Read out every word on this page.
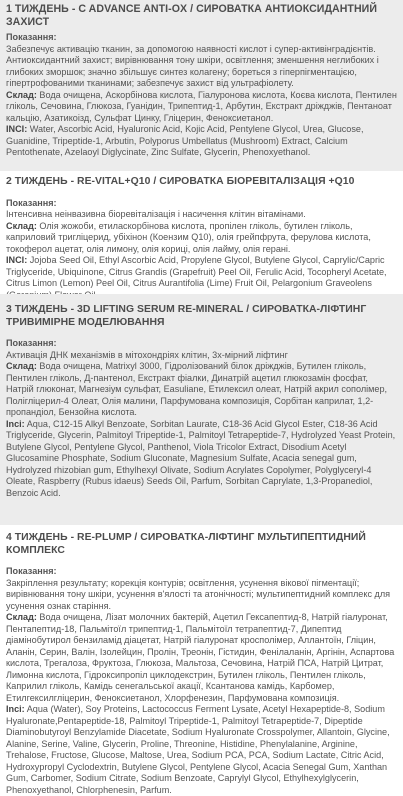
1 ТИЖДЕНЬ - C ADVANCE ANTI-OX / СИРОВАТКА АНТИОКСИДАНТНИЙ ЗАХИСТ
Показання:
Забезпечує активацію тканин, за допомогою наявності кислот і супер-активінградієнтів. Антиоксидантний захист; вирівнювання тону шкіри, освітлення; зменшення неглибоких і глибоких зморшок; значно збільшує синтез колагену; бореться з гіперпігментацією, гіпертрофованими тканинами; забезпечує захист від ультрафіолету.
Склад: Вода очищена, Аскорбінова кислота, Гіалуронова кислота, Коєва кислота, Пентилен гліколь, Сечовина, Глюкоза, Гуанідин, Трипептид-1, Арбутин, Екстракт дріжджів, Пентаноат кальцію, Азатикоізд, Сульфат Цинку, Гліцерин, Феноксиетанол.
INCI: Water, Ascorbic Acid, Hyaluronic Acid, Kojic Acid, Pentylene Glycol, Urea, Glucose, Guanidine, Tripeptide-1, Arbutin, Polyporus Umbellatus (Mushroom) Extract, Calcium Pentothenate, Azelaoyl Diglycinate, Zinc Sulfate, Glycerin, Phenoxyethanol.
2 ТИЖДЕНЬ - RE-VITAL+Q10 / СИРОВАТКА БІОРЕВІТАЛІЗАЦІЯ +Q10
Показання:
Інтенсивна неінвазивна біоревіталізація і насичення клітин вітамінами.
Склад: Олія жожоби, етиласкорбінова кислота, пропілен гліколь, бутилен гліколь, каприловий тригліцерид, убіхінон (Коензим Q10), олія грейпфрута, ферулова кислота, токоферол ацетат, олія лимону, олія кориці, олія лайму, олія герані.
INCI: Jojoba Seed Oil, Ethyl Ascorbic Acid, Propylene Glycol, Butylene Glycol, Caprylic/Capric Triglyceride, Ubiquinone, Citrus Grandis (Grapefruit) Peel Oil, Ferulic Acid, Tocopheryl Acetate, Citrus Limon (Lemon) Peel Oil, Citrus Aurantifolia (Lime) Fruit Oil, Pelargonium Graveolens
3 ТИЖДЕНЬ - 3D LIFTING SERUM RE-MINERAL / СИРОВАТКА-ЛІФТИНГ ТРИВИМІРНЕ МОДЕЛЮВАННЯ
Показання:
Активація ДНК механізмів в мітохондріях клітин, 3х-мірний ліфтинг
Склад: Вода очищена, Matrixyl 3000, Гідролізований білок дріжджів, Бутилен гліколь, Пентилен гліколь, Д-пантенол, Екстракт фіалки, Динатрій ацетил глюкозамін фосфат, Натрій глюконат, Магнезіум сульфат, Easuliane, Етилексил олеат, Натрій акрил сополімер, Полігліцерил-4 Олеат, Олія малини, Парфумована композиція, Сорбітан каприлат, 1,2- пропандіол, Бензойна кислота.
Inci: Aqua, C12-15 Alkyl Benzoate, Sorbitan Laurate, C18-36 Acid Glycol Ester, C18-36 Acid Triglyceride, Glycerin, Palmitoyl Tripeptide-1, Palmitoyl Tetrapeptide-7, Hydrolyzed Yeast Protein, Butylene Glycol, Pentylene Glycol, Panthenol, Viola Tricolor Extract, Disodium Acetyl Glucosamine Phosphate, Sodium Gluconate, Magnesium Sulfate, Acacia senegal gum, Hydrolyzed rhizobian gum, Ethylhexyl Olivate, Sodium Acrylates Copolymer, Polyglyceryl-4 Oleate, Raspberry (Rubus idaeus) Seeds Oil, Parfum, Sorbitan Caprylate, 1,3-Propanediol, Benzoic Acid.
4 ТИЖДЕНЬ - RE-PLUMP / СИРОВАТКА-ЛІФТИНГ МУЛЬТИПЕПТИДНИЙ КОМПЛЕКС
Показання:
Закріплення результату; корекція контурів; освітлення, усунення вікової пігментації; вирівнювання тону шкіри, усунення в'ялості та атонічності; мультипептидний комплекс для усунення ознак старіння.
Склад: Вода очищена, Лізат молочних бактерій, Ацетил Гексапептид-8, Натрій гіалуронат, Пентапептид-18, Пальмітоїл трипептид-1, Пальмітоїл тетрапептид-7, Дипептид діамінобутирол бензиламід діацетат, Натрій гіалуронат кросполімер, Аллантоїн, Гліцин, Аланін, Серин, Валін, Ізолейцин, Пролін, Треонін, Гістидин, Фенілаланін, Аргінін, Аспартова кислота, Трегалоза, Фруктоза, Глюкоза, Мальтоза, Сечовина, Натрій ПСА, Натрій Цитрат, Лимонна кислота, Гідроксипропіл циклодекстрин, Бутилен гліколь, Пентилен гліколь, Каприлил гліколь, Камідь сенегальської акації, Ксантанова камідь, Карбомер, Етилгексилгліцерин, Феноксиетанол, Хлорфенезин, Парфумована композиція.
Inci: Aqua (Water), Soy Proteins, Lactococcus Ferment Lysate, Acetyl Hexapeptide-8, Sodium Hyaluronate,Pentapeptide-18, Palmitoyl Tripeptide-1, Palmitoyl Tetrapeptide-7, Dipeptide Diaminobutyroyl Benzylamide Diacetate, Sodium Hyaluronate Crosspolymer, Allantoin, Glycine, Alanine, Serine, Valine, Glycerin, Proline, Threonine, Histidine, Phenylalanine, Arginine, Trehalose, Fructose, Glucose, Maltose, Urea, Sodium PCA, PCA, Sodium Lactate, Citric Acid, Hydroxypropyl Cyclodextrin, Butylene Glycol, Pentylene Glycol, Acacia Senegal Gum, Xanthan Gum, Carbomer, Sodium Citrate, Sodium Benzoate, Caprylyl Glycol, Ethylhexylglycerin, Phenoxyethanol, Chlorphenesin, Parfum.
